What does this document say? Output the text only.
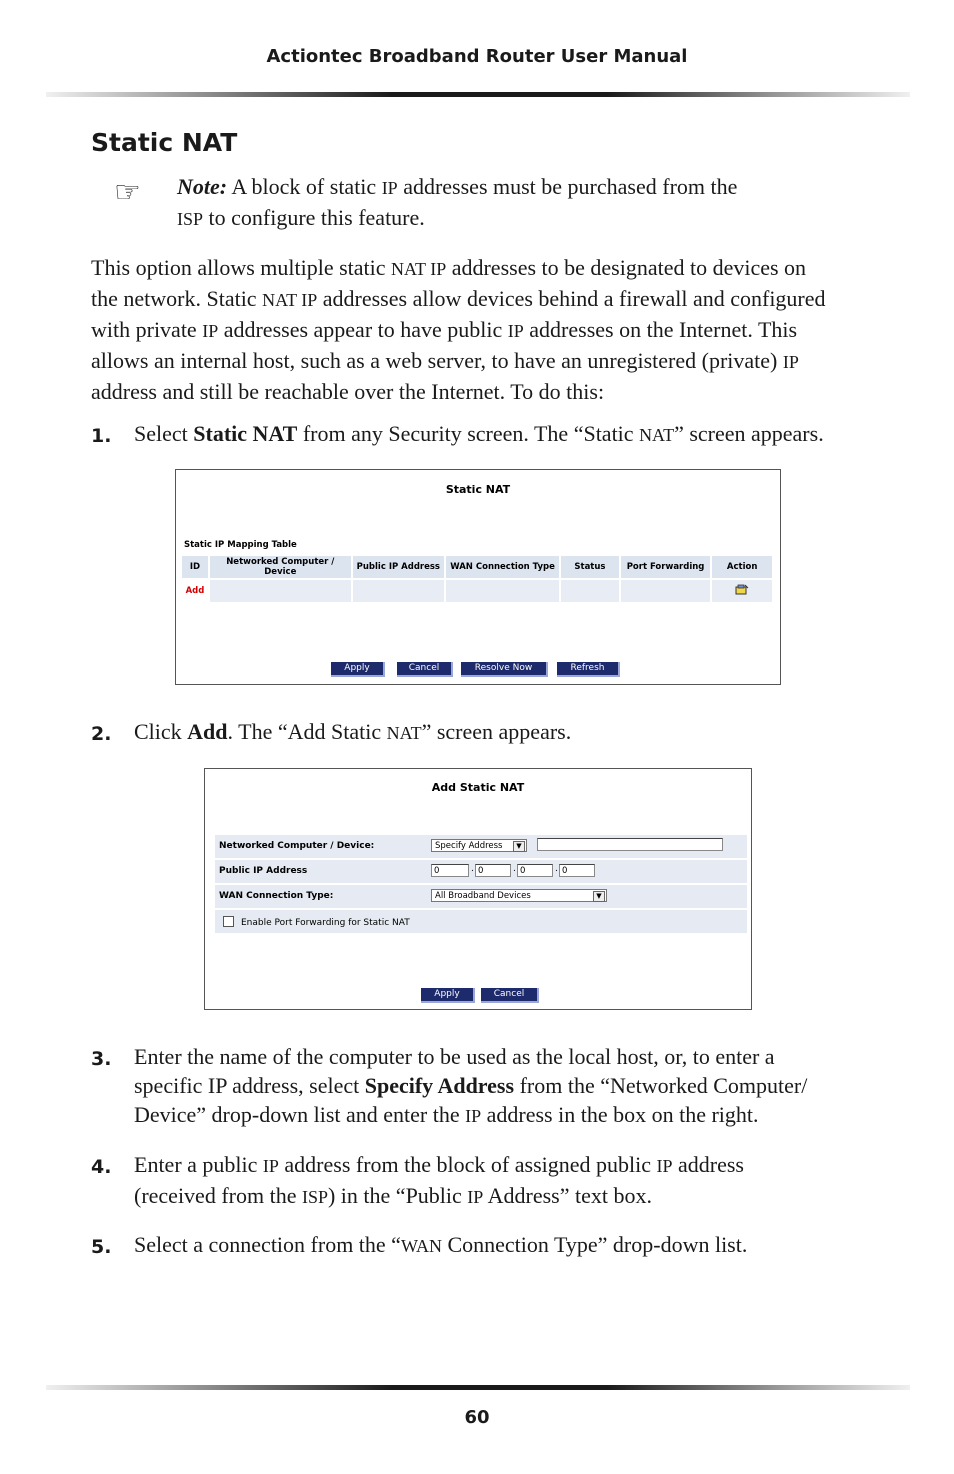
Actiontec Broadband Router User Manual
Static NAT
☞ Note: A block of static IP addresses must be purchased from the
ISP to configure this feature.
This option allows multiple static NAT IP addresses to be designated to devices on
the network. Static NAT IP addresses allow devices behind a firewall and configured
with private IP addresses appear to have public IP addresses on the Internet. This
allows an internal host, such as a web server, to have an unregistered (private) IP
address and still be reachable over the Internet. To do this:
1. Select Static NAT from any Security screen. The “Static NAT” screen appears.
Static NAT
Static IP Mapping Table
ID	Networked Computer / Device	Public IP Address	WAN Connection Type	Status	Port Forwarding	Action
Add						
Apply	Cancel	Resolve Now	Refresh
2. Click Add. The “Add Static NAT” screen appears.
Add Static NAT
Networked Computer / Device:	Specify Address	▼
Public IP Address	0	. 0	. 0	. 0
WAN Connection Type:	All Broadband Devices	▼
Enable Port Forwarding for Static NAT
Apply	Cancel
3. Enter the name of the computer to be used as the local host, or, to enter a
specific IP address, select Specify Address from the “Networked Computer/
Device” drop-down list and enter the IP address in the box on the right.
4. Enter a public IP address from the block of assigned public IP address
(received from the ISP) in the “Public IP Address” text box.
5. Select a connection from the “WAN Connection Type” drop-down list.
60
